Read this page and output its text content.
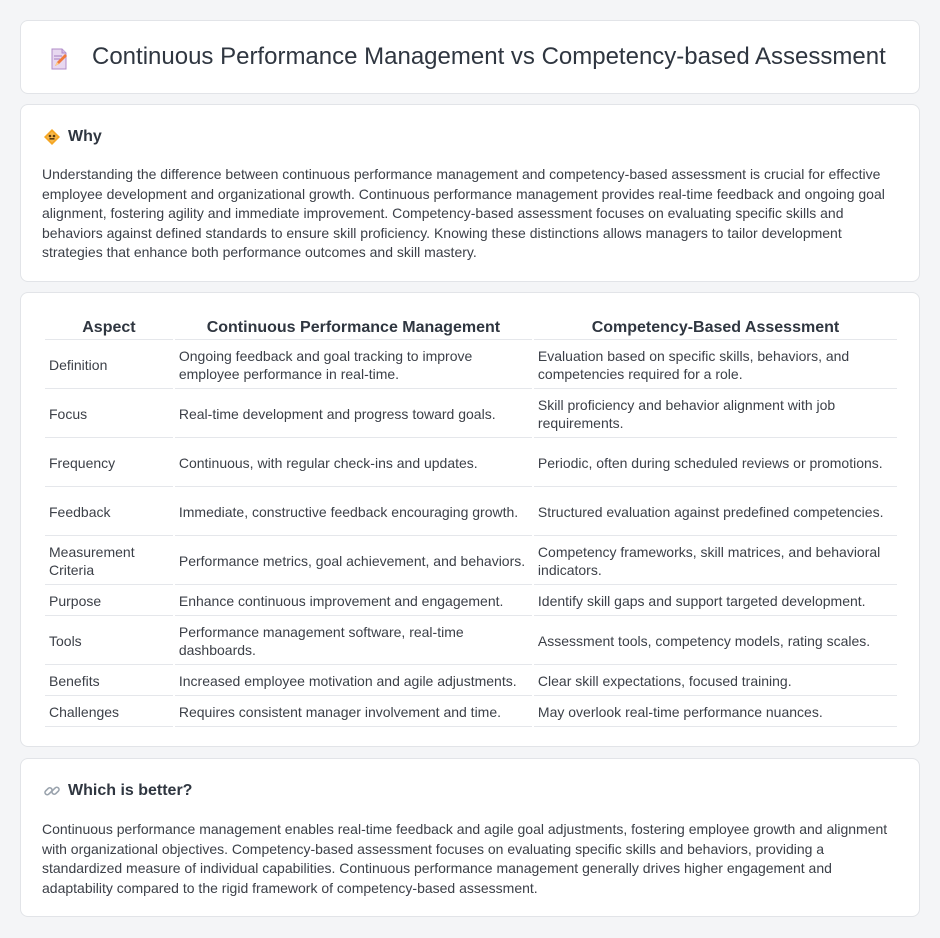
Continuous Performance Management vs Competency-based Assessment
Why

Understanding the difference between continuous performance management and competency-based assessment is crucial for effective employee development and organizational growth. Continuous performance management provides real-time feedback and ongoing goal alignment, fostering agility and immediate improvement. Competency-based assessment focuses on evaluating specific skills and behaviors against defined standards to ensure skill proficiency. Knowing these distinctions allows managers to tailor development strategies that enhance both performance outcomes and skill mastery.

Aspect	Continuous Performance Management	Competency-Based Assessment
Definition	Ongoing feedback and goal tracking to improve employee performance in real-time.	Evaluation based on specific skills, behaviors, and competencies required for a role.
Focus	Real-time development and progress toward goals.	Skill proficiency and behavior alignment with job requirements.
Frequency	Continuous, with regular check-ins and updates.	Periodic, often during scheduled reviews or promotions.
Feedback	Immediate, constructive feedback encouraging growth.	Structured evaluation against predefined competencies.
Measurement Criteria	Performance metrics, goal achievement, and behaviors.	Competency frameworks, skill matrices, and behavioral indicators.
Purpose	Enhance continuous improvement and engagement.	Identify skill gaps and support targeted development.
Tools	Performance management software, real-time dashboards.	Assessment tools, competency models, rating scales.
Benefits	Increased employee motivation and agile adjustments.	Clear skill expectations, focused training.
Challenges	Requires consistent manager involvement and time.	May overlook real-time performance nuances.
Which is better?

Continuous performance management enables real-time feedback and agile goal adjustments, fostering employee growth and alignment with organizational objectives. Competency-based assessment focuses on evaluating specific skills and behaviors, providing a standardized measure of individual capabilities. Continuous performance management generally drives higher engagement and adaptability compared to the rigid framework of competency-based assessment.
